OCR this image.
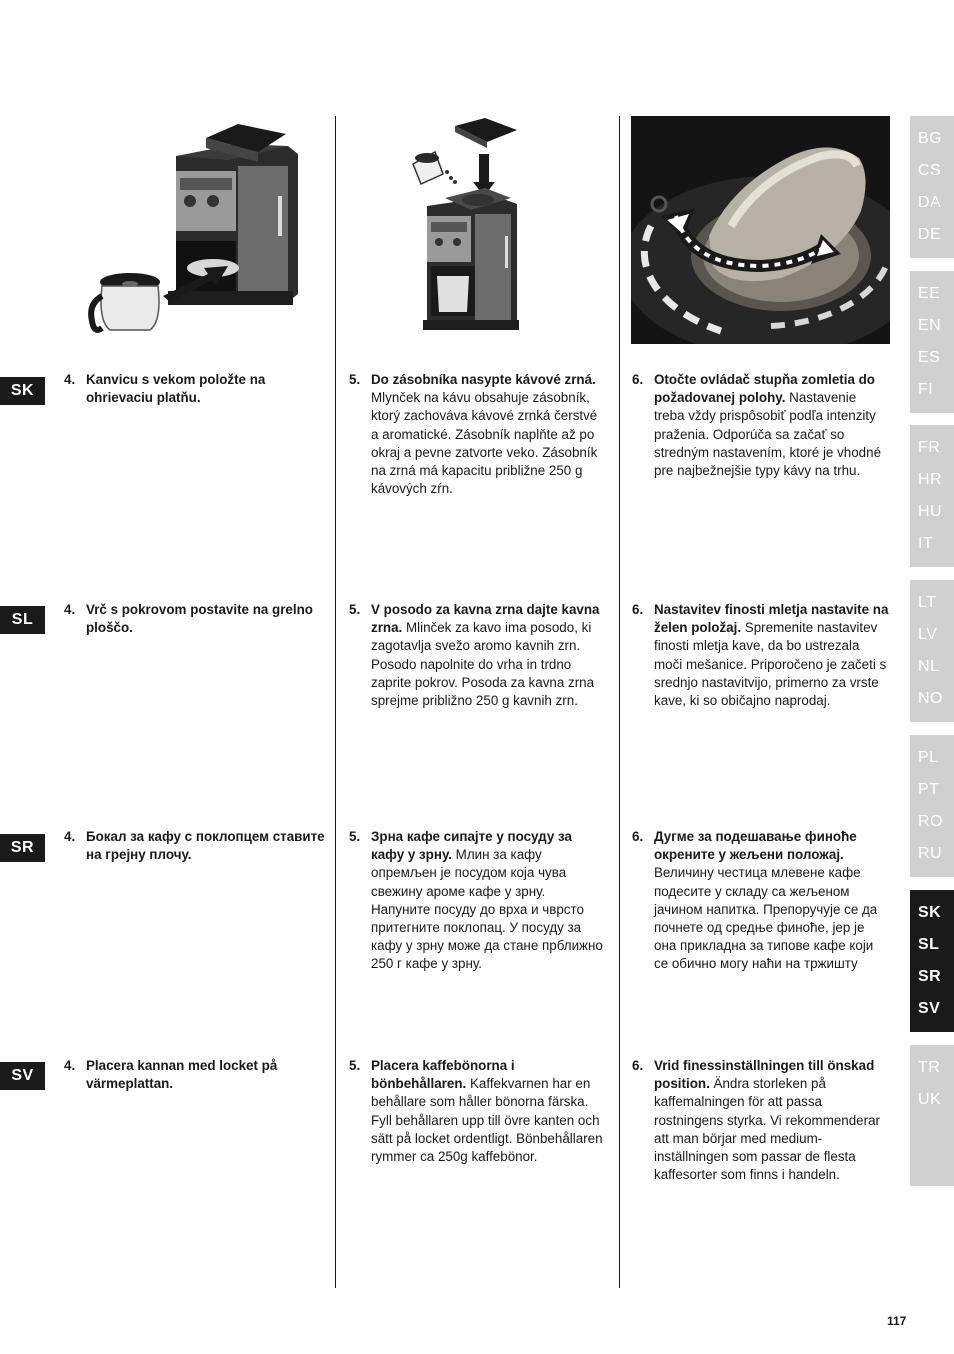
SK
SL
SR
SV
4. Kanvicu s vekom položte na ohrievaciu platňu.
5. Do zásobníka nasypte kávové zrná. Mlynček na kávu obsahuje zásobník, ktorý zachováva kávové zrnká čerstvé a aromatické. Zásobník naplňte až po okraj a pevne zatvorte veko. Zásobník na zrná má kapacitu približne 250 g kávových zŕn.
6. Otočte ovládač stupňa zomletia do požadovanej polohy. Nastavenie treba vždy prispôsobiť podľa intenzity praženia. Odporúča sa začať so stredným nastavením, ktoré je vhodné pre najbežnejšie typy kávy na trhu.
4. Vrč s pokrovom postavite na grelno ploščo.
5. V posodo za kavna zrna dajte kavna zrna. Mlinček za kavo ima posodo, ki zagotavlja svežo aromo kavnih zrn. Posodo napolnite do vrha in trdno zaprite pokrov. Posoda za kavna zrna sprejme približno 250 g kavnih zrn.
6. Nastavitev finosti mletja nastavite na želen položaj. Spremenite nastavitev finosti mletja kave, da bo ustrezala moči mešanice. Priporočeno je začeti s srednjo nastavitvijo, primerno za vrste kave, ki so običajno naprodaj.
4. Бокал за кафу с поклопцем ставите на грејну плочу.
5. Зрна кафе сипајте у посуду за кафу у зрну. Млин за кафу опремљен је посудом која чува свежину ароме кафе у зрну. Напуните посуду до врха и чврсто притегните поклопац. У посуду за кафу у зрну може да стане прближно 250 г кафе у зрну.
6. Дугме за подешавање финоће окрените у жељени положај. Величину честица млевене кафе подесите у складу са жељеном јачином напитка. Препоручује се да почнете од средње финоће, јер је она прикладна за типове кафе који се обично могу наћи на тржишту
4. Placera kannan med locket på värmeplattan.
5. Placera kaffebönorna i bönbehållaren. Kaffekvarnen har en behållare som håller bönorna färska. Fyll behållaren upp till övre kanten och sätt på locket ordentligt. Bönbehållaren rymmer ca 250g kaffebönor.
6. Vrid finessinställningen till önskad position. Ändra storleken på kaffemalningen för att passa rostningens styrka. Vi rekommenderar att man börjar med medium-inställningen som passar de flesta kaffesorter som finns i handeln.
BG
CS
DA
DE
EE
EN
ES
FI
FR
HR
HU
IT
LT
LV
NL
NO
PL
PT
RO
RU
SK
SL
SR
SV
TR
UK
117
